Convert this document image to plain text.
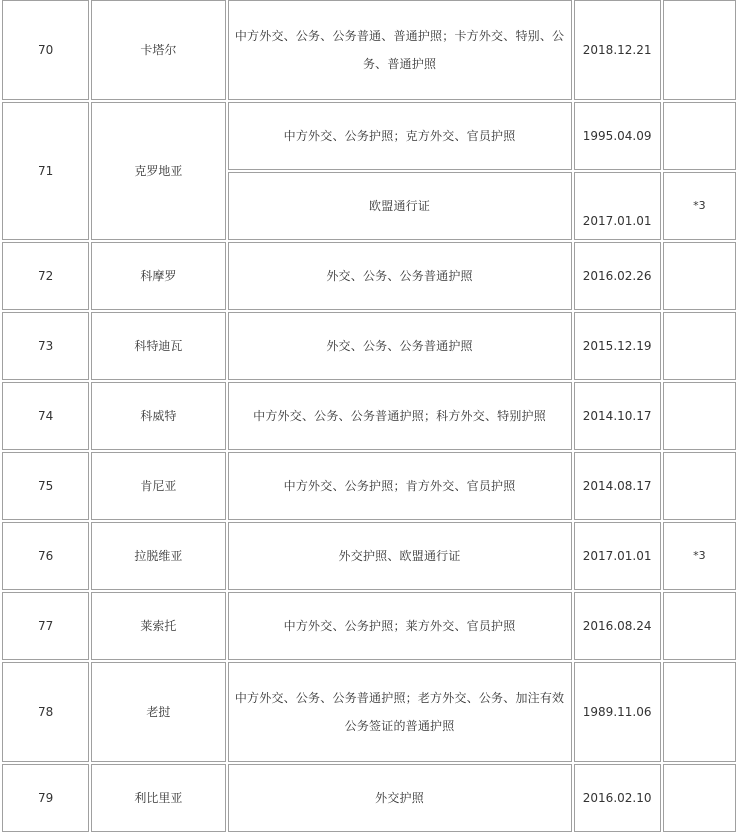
70	卡塔尔	中方外交、公务、公务普通、普通护照；卡方外交、特别、公务、普通护照	2018.12.21	
71	克罗地亚	中方外交、公务护照；克方外交、官员护照	1995.04.09	
		欧盟通行证	2017.01.01	*3
72	科摩罗	外交、公务、公务普通护照	2016.02.26	
73	科特迪瓦	外交、公务、公务普通护照	2015.12.19	
74	科威特	中方外交、公务、公务普通护照；科方外交、特别护照	2014.10.17	
75	肯尼亚	中方外交、公务护照；肯方外交、官员护照	2014.08.17	
76	拉脱维亚	外交护照、欧盟通行证	2017.01.01	*3
77	莱索托	中方外交、公务护照；莱方外交、官员护照	2016.08.24	
78	老挝	中方外交、公务、公务普通护照；老方外交、公务、加注有效公务签证的普通护照	1989.11.06	
79	利比里亚	外交护照	2016.02.10	
